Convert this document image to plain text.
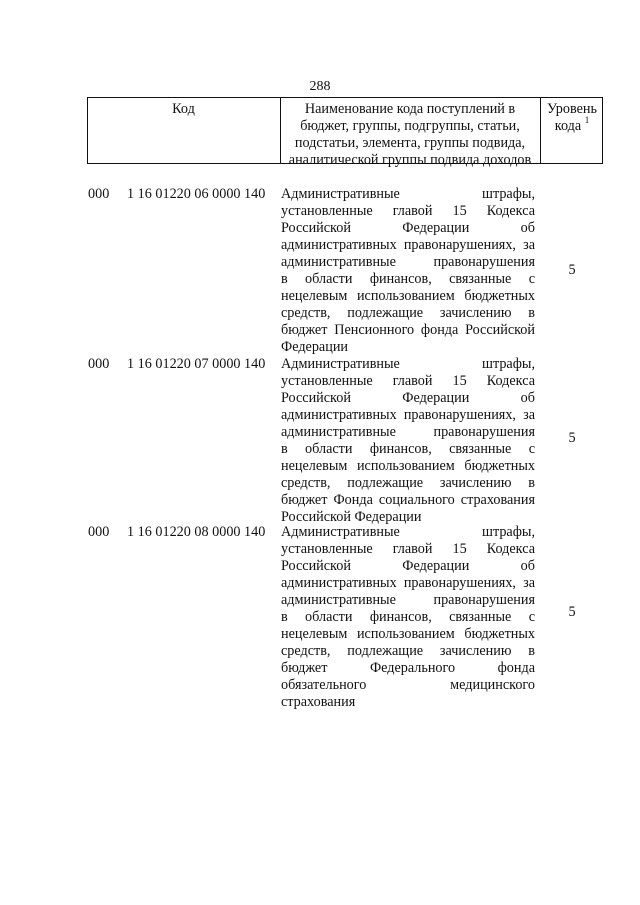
288
Код	Наименование кода поступлений в
бюджет, группы, подгруппы, статьи,
подстатьи, элемента, группы подвида,
аналитической группы подвида доходов
Уровень
кода $^1$
000 1 16 01220 06 0000 140 Административные штрафы,
установленные главой 15 Кодекса
Российской Федерации об
административных правонарушениях, за
административные правонарушения
в области финансов, связанные с
нецелевым использованием бюджетных
средств, подлежащие зачислению в
бюджет Пенсионного фонда Российской
Федерации
5
000 1 16 01220 07 0000 140 Административные штрафы,
установленные главой 15 Кодекса
Российской Федерации об
административных правонарушениях, за
административные правонарушения
в области финансов, связанные с
нецелевым использованием бюджетных
средств, подлежащие зачислению в
бюджет Фонда социального страхования
Российской Федерации
5
000 1 16 01220 08 0000 140 Административные штрафы,
установленные главой 15 Кодекса
Российской Федерации об
административных правонарушениях, за
административные правонарушения
в области финансов, связанные с
нецелевым использованием бюджетных
средств, подлежащие зачислению в
бюджет Федерального фонда
обязательного медицинского
страхования
5
